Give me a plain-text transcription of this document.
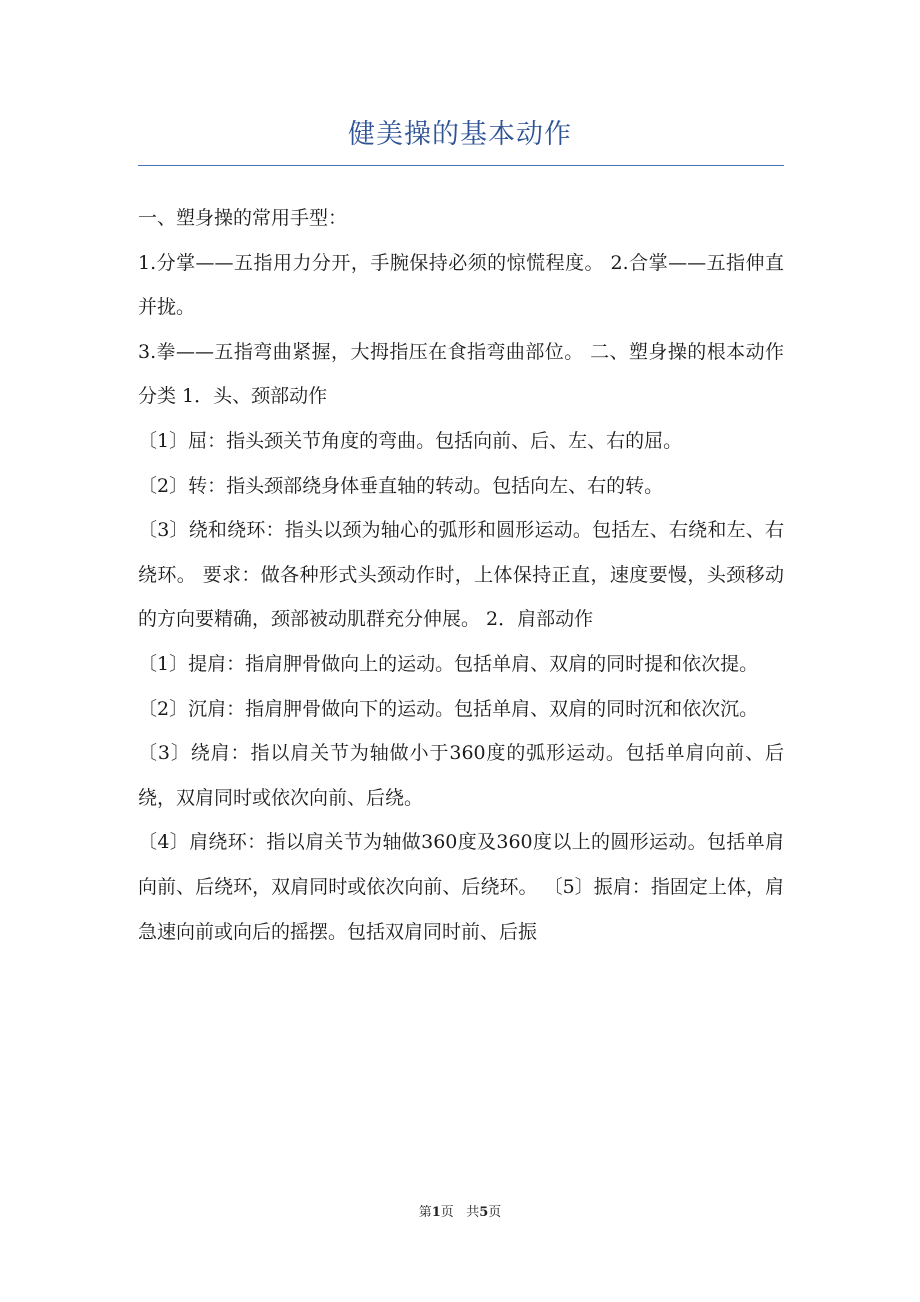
健美操的基本动作

一、塑身操的常用手型：

1.分掌——五指用力分开，手腕保持必须的惊慌程度。 2.合掌——五指伸直并拢。

3.拳——五指弯曲紧握，大拇指压在食指弯曲部位。 二、塑身操的根本动作分类 1．头、颈部动作

〔1〕屈：指头颈关节角度的弯曲。包括向前、后、左、右的屈。

〔2〕转：指头颈部绕身体垂直轴的转动。包括向左、右的转。

〔3〕绕和绕环：指头以颈为轴心的弧形和圆形运动。包括左、右绕和左、右绕环。 要求：做各种形式头颈动作时，上体保持正直，速度要慢，头颈移动的方向要精确，颈部被动肌群充分伸展。 2．肩部动作

〔1〕提肩：指肩胛骨做向上的运动。包括单肩、双肩的同时提和依次提。

〔2〕沉肩：指肩胛骨做向下的运动。包括单肩、双肩的同时沉和依次沉。

〔3〕绕肩：指以肩关节为轴做小于360度的弧形运动。包括单肩向前、后绕，双肩同时或依次向前、后绕。

〔4〕肩绕环：指以肩关节为轴做360度及360度以上的圆形运动。包括单肩向前、后绕环，双肩同时或依次向前、后绕环。 〔5〕振肩：指固定上体，肩急速向前或向后的摇摆。包括双肩同时前、后振

第1页 共5页
